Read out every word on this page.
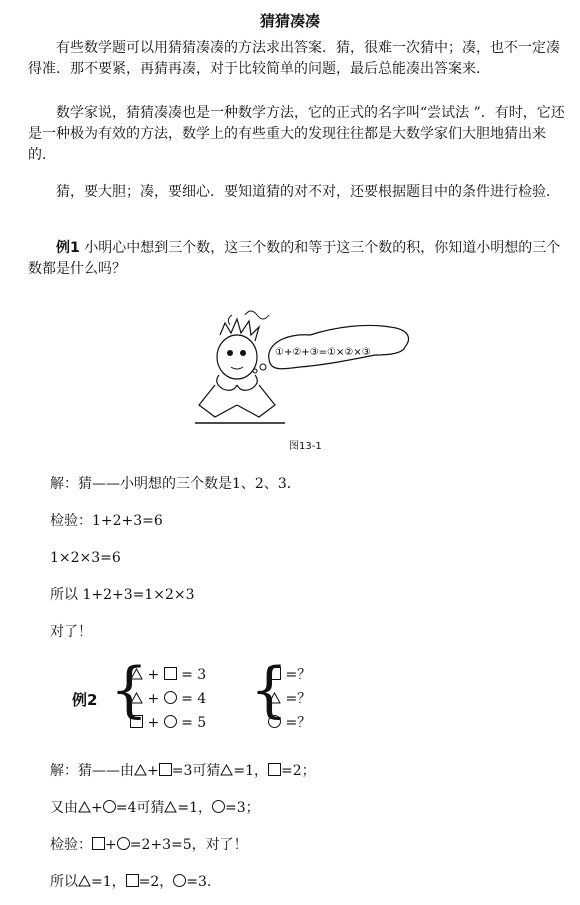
猜猜凑凑
有些数学题可以用猜猜凑凑的方法求出答案．猜，很难一次猜中；凑，也不一定凑得准．那不要紧，再猜再凑，对于比较简单的问题，最后总能凑出答案来．
数学家说，猜猜凑凑也是一种数学方法，它的正式的名字叫“尝试法 ”．有时，它还是一种极为有效的方法，数学上的有些重大的发现往往都是大数学家们大胆地猜出来的．
猜，要大胆；凑，要细心．要知道猜的对不对，还要根据题目中的条件进行检验．
例1 小明心中想到三个数，这三个数的和等于这三个数的积，你知道小明想的三个数都是什么吗？
①+②+③=①×②×③
图13-1
解：猜——小明想的三个数是1、2、3．
检验：1+2+3=6
1×2×3=6
所以 1+2+3=1×2×3
对了！
例2 {
+  = 3
+  = 4
+  = 5 {
=？
=？
=？
解：猜——由 + =3可猜 =1， =2；
又由 + =4可猜 =1， =3；
检验： + =2+3=5，对了！
所以 =1， =2， =3.
